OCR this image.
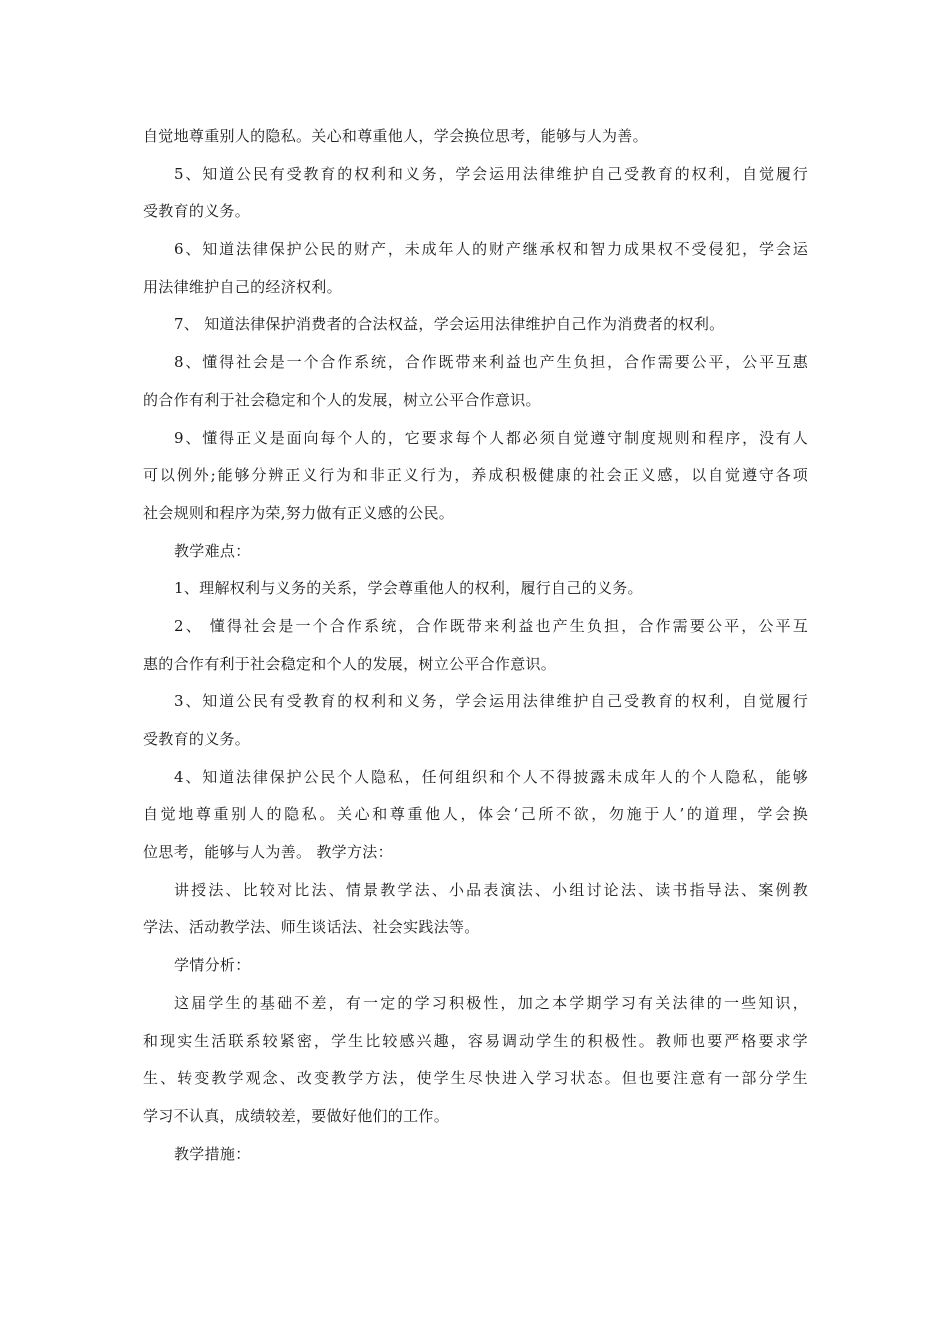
自觉地尊重别人的隐私。关心和尊重他人，学会换位思考，能够与人为善。
5、知道公民有受教育的权利和义务，学会运用法律维护自己受教育的权利，自觉履行
受教育的义务。
6、知道法律保护公民的财产，未成年人的财产继承权和智力成果权不受侵犯，学会运
用法律维护自己的经济权利。
7、 知道法律保护消费者的合法权益，学会运用法律维护自己作为消费者的权利。
8、懂得社会是一个合作系统，合作既带来利益也产生负担，合作需要公平，公平互惠
的合作有利于社会稳定和个人的发展，树立公平合作意识。
9、懂得正义是面向每个人的，它要求每个人都必须自觉遵守制度规则和程序，没有人
可以例外;能够分辨正义行为和非正义行为，养成积极健康的社会正义感，以自觉遵守各项
社会规则和程序为荣,努力做有正义感的公民。
教学难点：
1、理解权利与义务的关系，学会尊重他人的权利，履行自己的义务。
2、 懂得社会是一个合作系统，合作既带来利益也产生负担，合作需要公平，公平互
惠的合作有利于社会稳定和个人的发展，树立公平合作意识。
3、知道公民有受教育的权利和义务，学会运用法律维护自己受教育的权利，自觉履行
受教育的义务。
4、知道法律保护公民个人隐私，任何组织和个人不得披露未成年人的个人隐私，能够
自觉地尊重别人的隐私。关心和尊重他人，体会‘己所不欲，勿施于人’的道理，学会换
位思考，能够与人为善。 教学方法：
讲授法、比较对比法、情景教学法、小品表演法、小组讨论法、读书指导法、案例教
学法、活动教学法、师生谈话法、社会实践法等。
学情分析：
这届学生的基础不差，有一定的学习积极性，加之本学期学习有关法律的一些知识，
和现实生活联系较紧密，学生比较感兴趣，容易调动学生的积极性。教师也要严格要求学
生、转变教学观念、改变教学方法，使学生尽快进入学习状态。但也要注意有一部分学生
学习不认真，成绩较差，要做好他们的工作。
教学措施：
